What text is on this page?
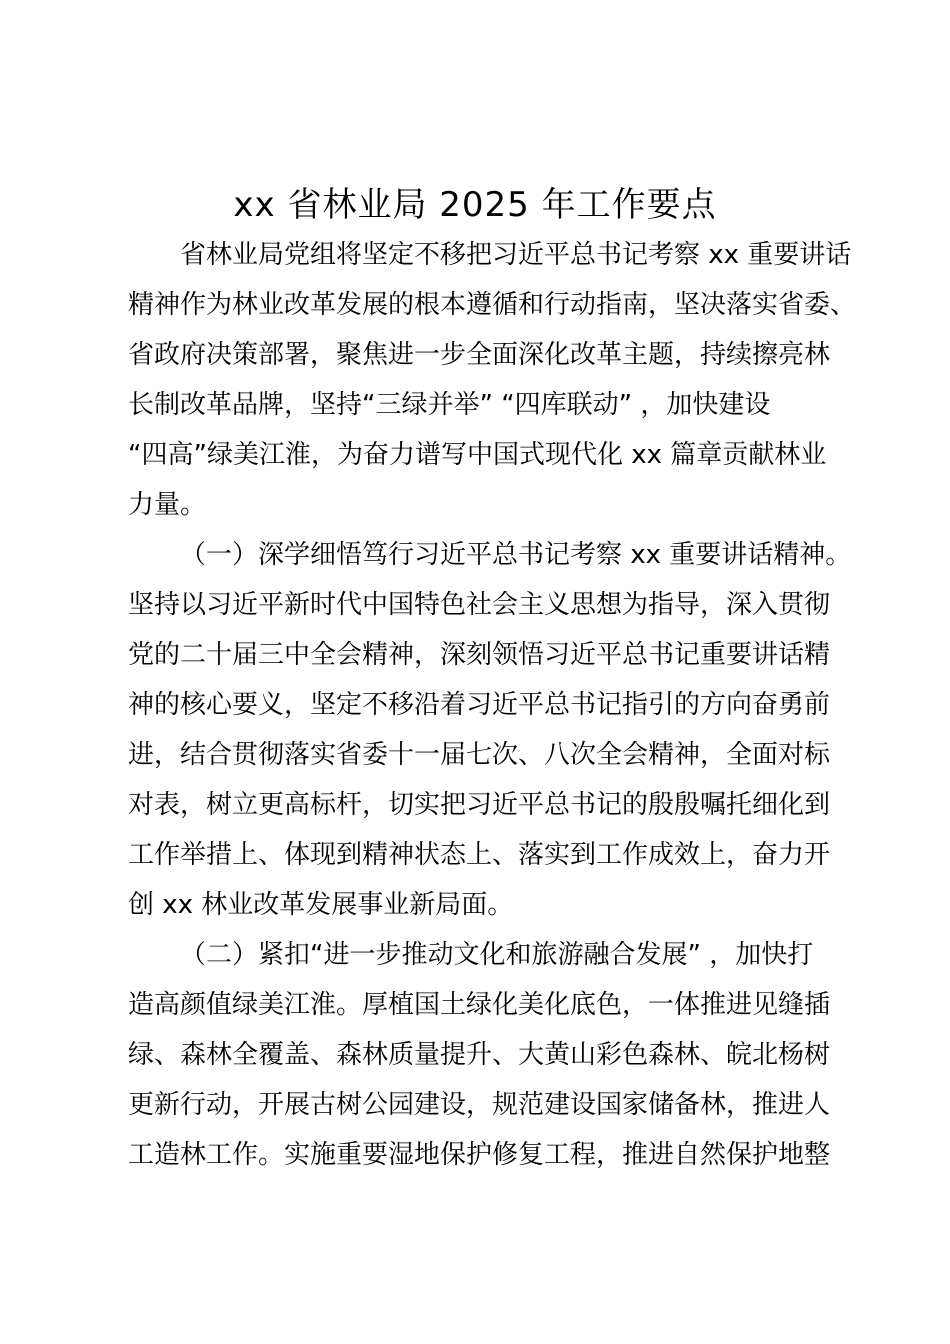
xx 省林业局 2025 年工作要点
省林业局党组将坚定不移把习近平总书记考察 xx 重要讲话
精神作为林业改革发展的根本遵循和行动指南，坚决落实省委、
省政府决策部署，聚焦进一步全面深化改革主题，持续擦亮林
长制改革品牌，坚持“三绿并举” “四库联动” ，加快建设
“四高”绿美江淮，为奋力谱写中国式现代化 xx 篇章贡献林业
力量。
（一）深学细悟笃行习近平总书记考察 xx 重要讲话精神。
坚持以习近平新时代中国特色社会主义思想为指导，深入贯彻
党的二十届三中全会精神，深刻领悟习近平总书记重要讲话精
神的核心要义，坚定不移沿着习近平总书记指引的方向奋勇前
进，结合贯彻落实省委十一届七次、八次全会精神，全面对标
对表，树立更高标杆，切实把习近平总书记的殷殷嘱托细化到
工作举措上、体现到精神状态上、落实到工作成效上，奋力开
创 xx 林业改革发展事业新局面。
（二）紧扣“进一步推动文化和旅游融合发展” ，加快打
造高颜值绿美江淮。厚植国土绿化美化底色，一体推进见缝插
绿、森林全覆盖、森林质量提升、大黄山彩色森林、皖北杨树
更新行动，开展古树公园建设，规范建设国家储备林，推进人
工造林工作。实施重要湿地保护修复工程，推进自然保护地整
